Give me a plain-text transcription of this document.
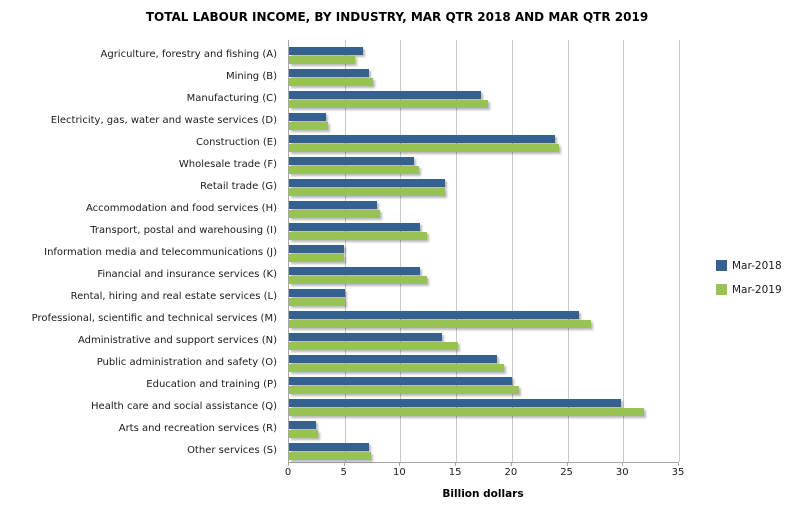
TOTAL LABOUR INCOME, BY INDUSTRY, MAR QTR 2018 AND MAR QTR 2019
Agriculture, forestry and fishing (A)
Mining (B)
Manufacturing (C)
Electricity, gas, water and waste services (D)
Construction (E)
Wholesale trade (F)
Retail trade (G)
Accommodation and food services (H)
Transport, postal and warehousing (I)
Information media and telecommunications (J)
Financial and insurance services (K)
Rental, hiring and real estate services (L)
Professional, scientific and technical services (M)
Administrative and support services (N)
Public administration and safety (O)
Education and training (P)
Health care and social assistance (Q)
Arts and recreation services (R)
Other services (S)
0	5	10	15	20	25	30	35
Billion dollars
Mar-2018
Mar-2019
